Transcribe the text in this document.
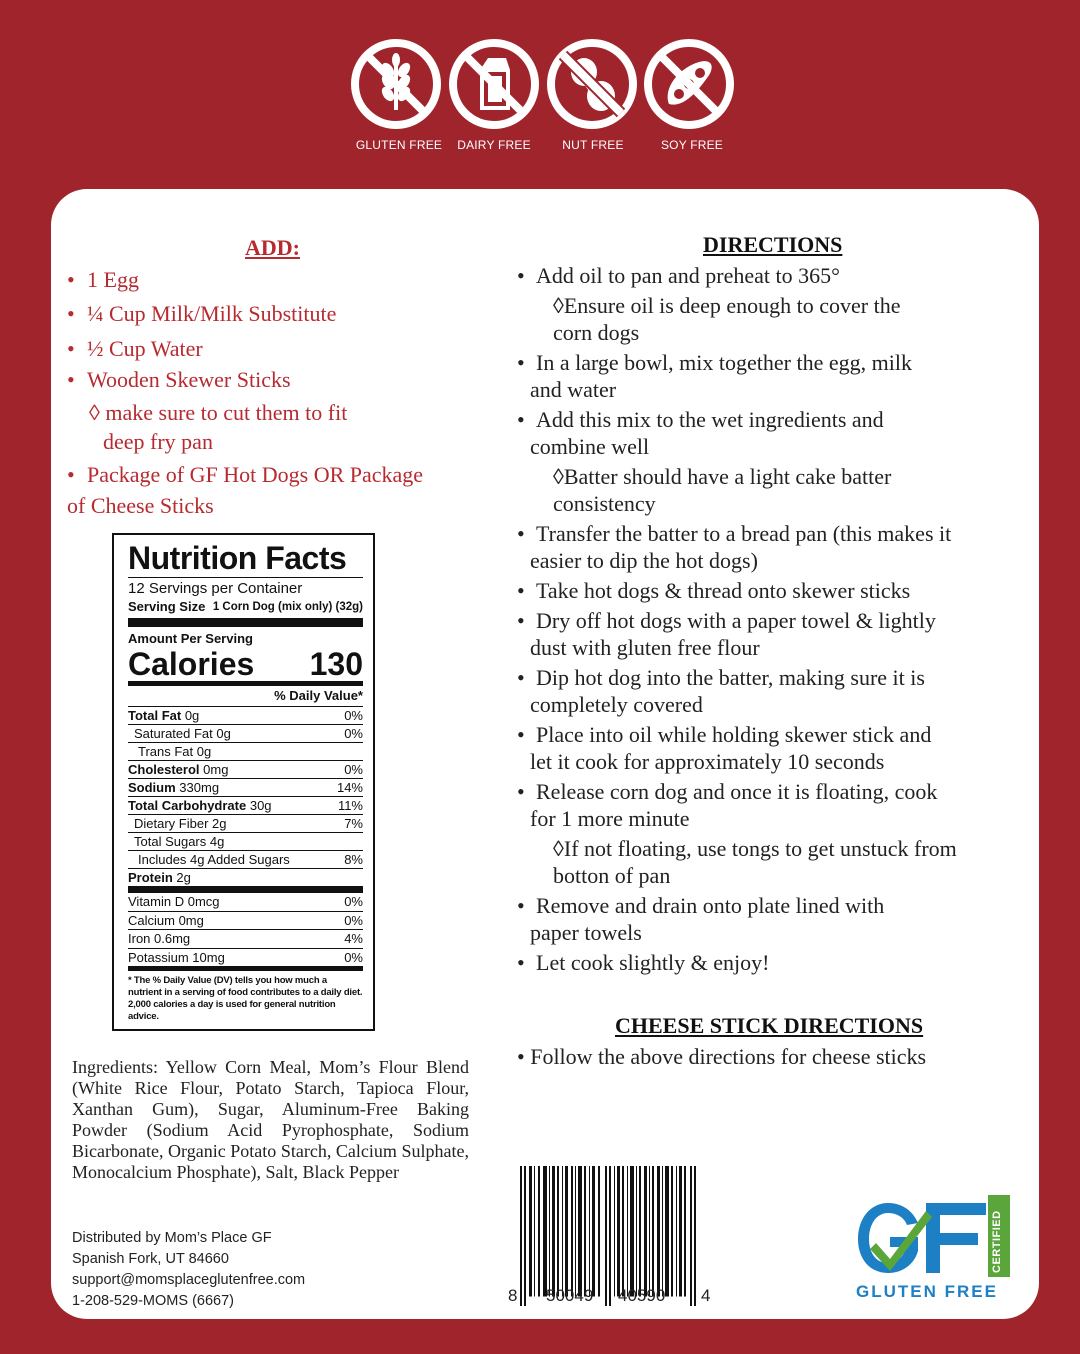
GLUTEN FREE	DAIRY FREE	NUT FREE	SOY FREE
ADD:
• 1 Egg
• ¼ Cup Milk/Milk Substitute
• ½ Cup Water
• Wooden Skewer Sticks
◊ make sure to cut them to fit
deep fry pan
• Package of GF Hot Dogs OR Package
of Cheese Sticks
Nutrition Facts
12 Servings per Container
Serving Size 1 Corn Dog (mix only) (32g)
Amount Per Serving
Calories 130
% Daily Value*
Total Fat 0g	0%
Saturated Fat 0g	0%
Trans Fat 0g
Cholesterol 0mg	0%
Sodium 330mg	14%
Total Carbohydrate 30g	11%
Dietary Fiber 2g	7%
Total Sugars 4g
Includes 4g Added Sugars	8%
Protein 2g
Vitamin D 0mcg	0%
Calcium 0mg	0%
Iron 0.6mg	4%
Potassium 10mg	0%
* The % Daily Value (DV) tells you how much a nutrient in a serving of food contributes to a daily diet. 2,000 calories a day is used for general nutrition advice.
Ingredients: Yellow Corn Meal, Mom’s Flour Blend (White Rice Flour, Potato Starch, Tapioca Flour, Xanthan Gum), Sugar, Aluminum-Free Baking Powder (Sodium Acid Pyrophosphate, Sodium Bicarbonate, Organic Potato Starch, Calcium Sulphate, Monocalcium Phosphate), Salt, Black Pepper
Distributed by Mom’s Place GF
Spanish Fork, UT 84660
support@momsplaceglutenfree.com
1-208-529-MOMS (6667)
DIRECTIONS
• Add oil to pan and preheat to 365°
◊Ensure oil is deep enough to cover the
corn dogs
• In a large bowl, mix together the egg, milk
and water
• Add this mix to the wet ingredients and
combine well
◊Batter should have a light cake batter
consistency
• Transfer the batter to a bread pan (this makes it
easier to dip the hot dogs)
• Take hot dogs & thread onto skewer sticks
• Dry off hot dogs with a paper towel & lightly
dust with gluten free flour
• Dip hot dog into the batter, making sure it is
completely covered
• Place into oil while holding skewer stick and
let it cook for approximately 10 seconds
• Release corn dog and once it is floating, cook
for 1 more minute
◊If not floating, use tongs to get unstuck from
botton of pan
• Remove and drain onto plate lined with
paper towels
• Let cook slightly & enjoy!
CHEESE STICK DIRECTIONS
• Follow the above directions for cheese sticks
8 50049 40590 4
CERTIFIED
GLUTEN FREE
